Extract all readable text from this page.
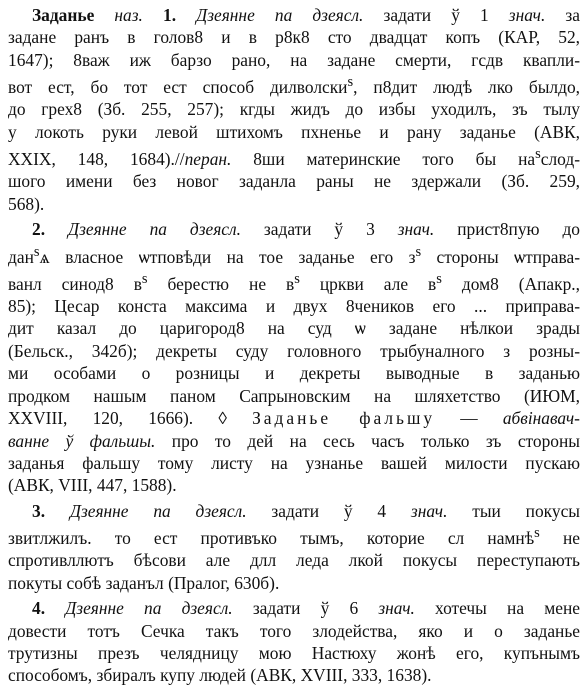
Заданье наз. 1. Дзеянне па дзеясл. задати ў 1 знач. за
задане ранъ в голов8 и в р8к8 сто двадцат копъ (КАР, 52,
1647); 8важ иж барзо рано, на задане смерти, гсдв квапли-
вот ест, бо тот ест способ дилволски$^s$, п8дит людѣ лко былдо,
до грех8 (Зб. 255, 257); кгды жидъ до избы уходилъ, зъ тылу
у локоть руки левой штихомъ пхненье и рану заданье (АВК,
XXIX, 148, 1684).//перан. 8ши материнские того бы $на^sслод-$
шого имени без новог заданла раны не здержали (Зб. 259,
568).
2. Дзеянне па дзеясл. задати ў 3 знач. прист8пую до
дан$^s$ѧ власное ѡтповѣди на тое заданье его $з^s$ стороны ѡтправа-
ванл синод8 $в^s$ берестю не $в^s$ цркви але $в^s$ дом8 (Апакр.,
85); Цесар конста максима и двух 8чеников его ... приправа-
дит казал до царигород8 на суд ѡ задане нѣлкои зрады
(Бельск., 342б); декреты суду головного трыбуналного з розны-
ми особами о розницы и декреты выводные в заданью
продком нашым паном Сапрыновским на шляхетство (ИЮМ,
XXVIII, 120, 1666). ◊ Заданье фальшу — абвінавач-
ванне ў фальшы. про то дей на сесь часъ только зъ стороны
заданья фальшу тому листу на узнанье вашей милости пускаю
(АВК, VIII, 447, 1588).
3. Дзеянне па дзеясл. задати ў 4 знач. тыи покусы
звитлжилъ. то ест противъко тымъ, которие сл намнѣ$^s$ не
спротивллютъ бѣсови але длл леда лкой покусы переступають
покуты собѣ заданъл (Пралог, 630б).
4. Дзеянне па дзеясл. задати ў 6 знач. хотечы на мене
довести тотъ Сечка такъ того злодейства, яко и о заданье
трутизны презъ челядницу мою Настюху жонѣ его, купънымъ
способомъ, збиралъ купу людей (АВК, XVIII, 333, 1638).
